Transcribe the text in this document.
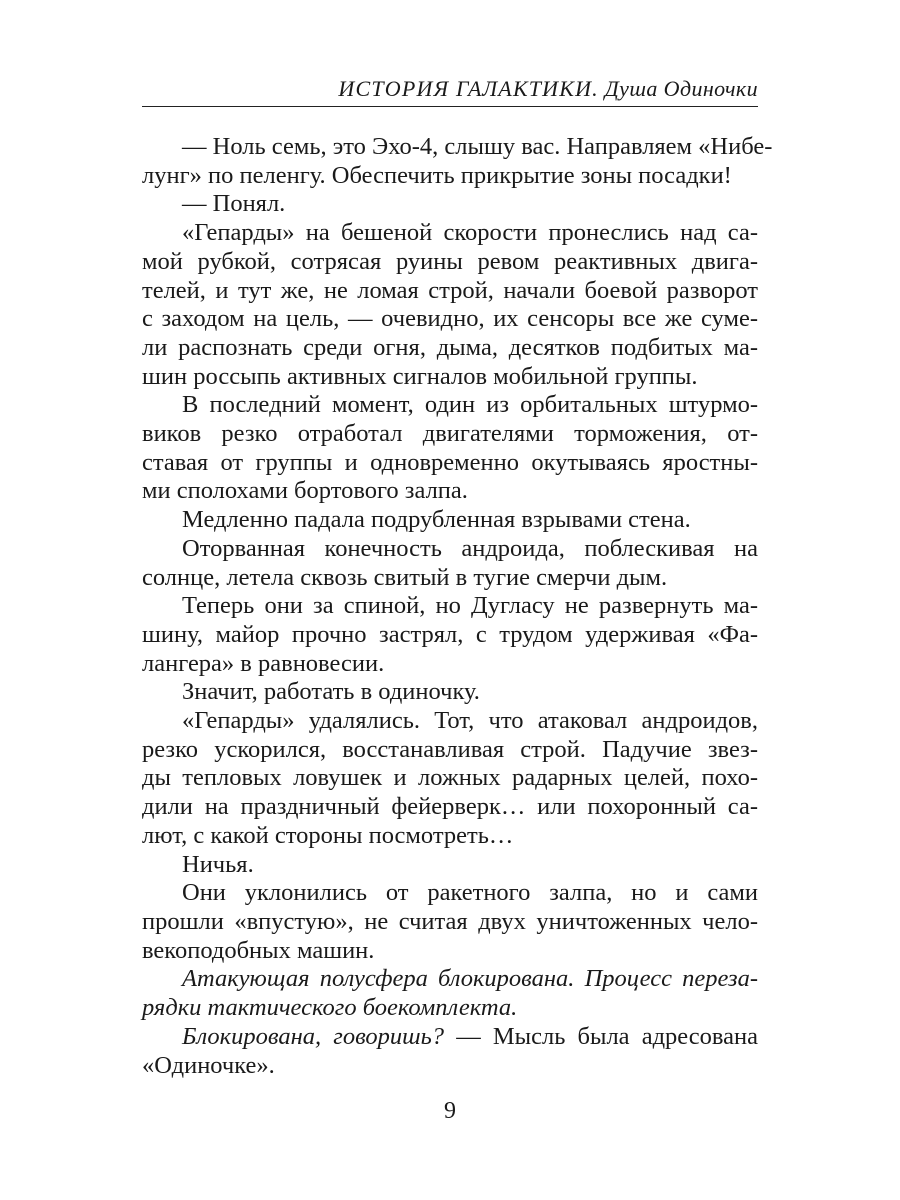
ИСТОРИЯ ГАЛАКТИКИ. Душа Одиночки

— Ноль семь, это Эхо-4, слышу вас. Направляем «Нибе-
лунг» по пеленгу. Обеспечить прикрытие зоны посадки!

— Понял.

«Гепарды» на бешеной скорости пронеслись над са-
мой рубкой, сотрясая руины ревом реактивных двига-
телей, и тут же, не ломая строй, начали боевой разворот
с заходом на цель, — очевидно, их сенсоры все же суме-
ли распознать среди огня, дыма, десятков подбитых ма-
шин россыпь активных сигналов мобильной группы.

В последний момент, один из орбитальных штурмо-
виков резко отработал двигателями торможения, от-
ставая от группы и одновременно окутываясь яростны-
ми сполохами бортового залпа.

Медленно падала подрубленная взрывами стена.

Оторванная конечность андроида, поблескивая на
солнце, летела сквозь свитый в тугие смерчи дым.

Теперь они за спиной, но Дугласу не развернуть ма-
шину, майор прочно застрял, с трудом удерживая «Фа-
лангера» в равновесии.

Значит, работать в одиночку.

«Гепарды» удалялись. Тот, что атаковал андроидов,
резко ускорился, восстанавливая строй. Падучие звез-
ды тепловых ловушек и ложных радарных целей, похо-
дили на праздничный фейерверк… или похоронный са-
лют, с какой стороны посмотреть…

Ничья.

Они уклонились от ракетного залпа, но и сами
прошли «впустую», не считая двух уничтоженных чело-
векоподобных машин.

Атакующая полусфера блокирована. Процесс переза-
рядки тактического боекомплекта.

Блокирована, говоришь? — Мысль была адресована
«Одиночке».

9
